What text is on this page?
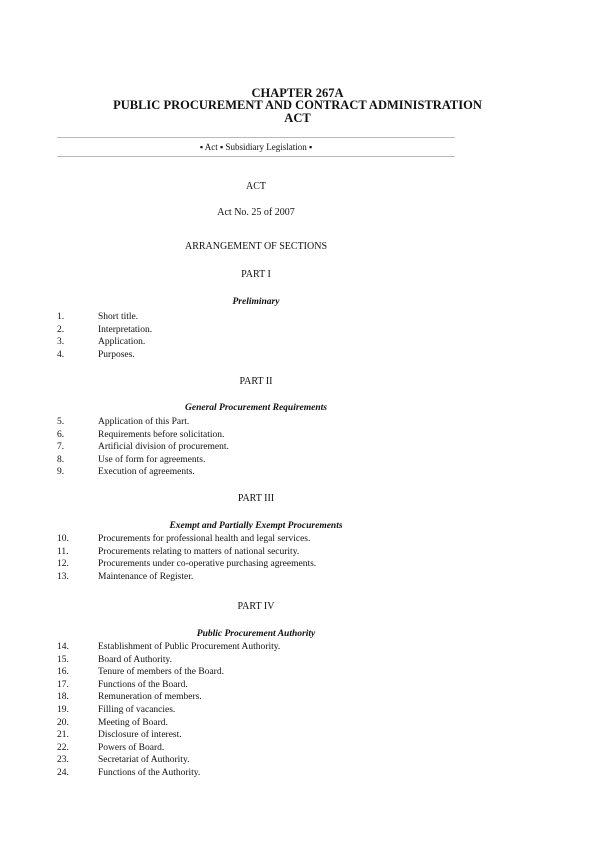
CHAPTER 267A
PUBLIC PROCUREMENT AND CONTRACT ADMINISTRATION
ACT
▪ Act ▪ Subsidiary Legislation ▪
ACT
Act No. 25 of 2007
ARRANGEMENT OF SECTIONS
PART I
Preliminary
1.	Short title.
2.	Interpretation.
3.	Application.
4.	Purposes.
PART II
General Procurement Requirements
5.	Application of this Part.
6.	Requirements before solicitation.
7.	Artificial division of procurement.
8.	Use of form for agreements.
9.	Execution of agreements.
PART III
Exempt and Partially Exempt Procurements
10.	Procurements for professional health and legal services.
11.	Procurements relating to matters of national security.
12.	Procurements under co-operative purchasing agreements.
13.	Maintenance of Register.
PART IV
Public Procurement Authority
14.	Establishment of Public Procurement Authority.
15.	Board of Authority.
16.	Tenure of members of the Board.
17.	Functions of the Board.
18.	Remuneration of members.
19.	Filling of vacancies.
20.	Meeting of Board.
21.	Disclosure of interest.
22.	Powers of Board.
23.	Secretariat of Authority.
24.	Functions of the Authority.
